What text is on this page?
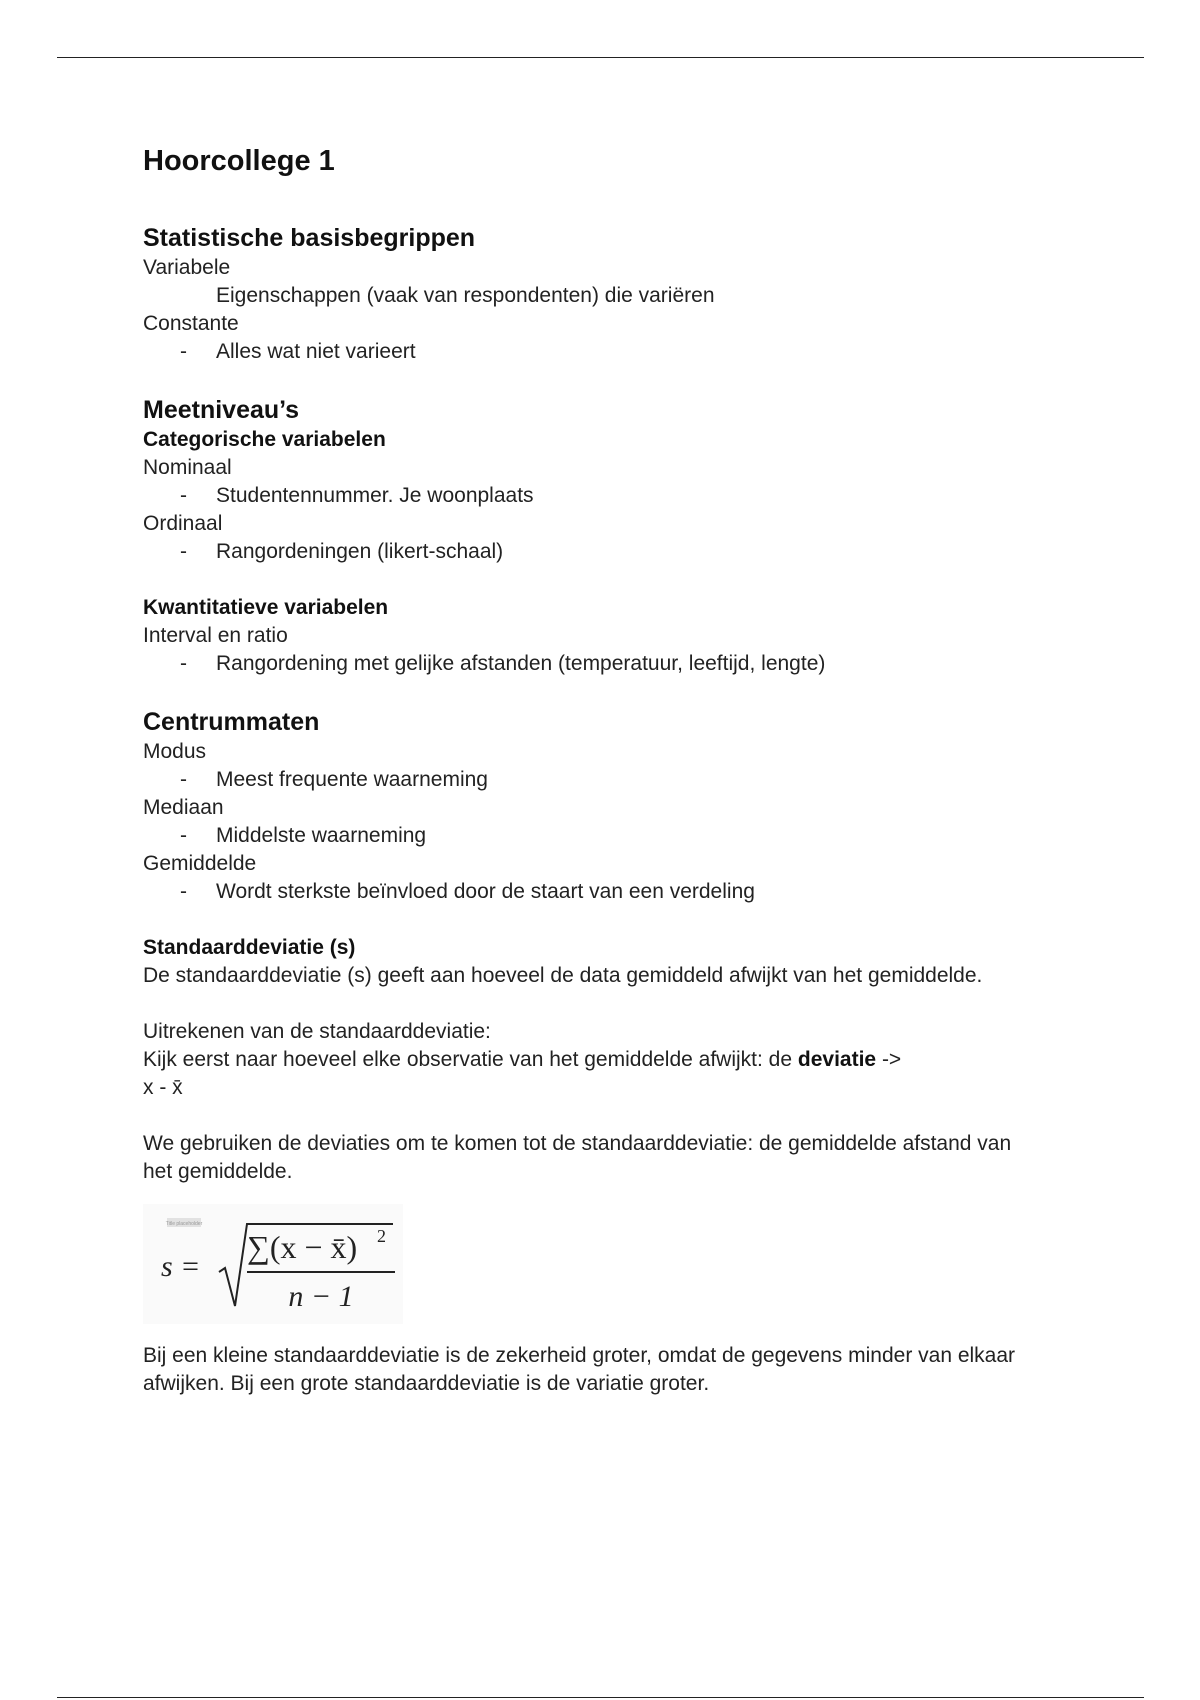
Hoorcollege 1
Statistische basisbegrippen
Variabele
Eigenschappen (vaak van respondenten) die variëren
Constante
-	Alles wat niet varieert
Meetniveau’s
Categorische variabelen
Nominaal
-	Studentennummer. Je woonplaats
Ordinaal
-	Rangordeningen (likert-schaal)
Kwantitatieve variabelen
Interval en ratio
-	Rangordening met gelijke afstanden (temperatuur, leeftijd, lengte)
Centrummaten
Modus
-	Meest frequente waarneming
Mediaan
-	Middelste waarneming
Gemiddelde
-	Wordt sterkste beïnvloed door de staart van een verdeling
Standaarddeviatie (s)
De standaarddeviatie (s) geeft aan hoeveel de data gemiddeld afwijkt van het gemiddelde.
Uitrekenen van de standaarddeviatie:
Kijk eerst naar hoeveel elke observatie van het gemiddelde afwijkt: de deviatie ->
x - x̄
We gebruiken de deviaties om te komen tot de standaarddeviatie: de gemiddelde afstand van het gemiddelde.
Title placeholder
s =
∑(x − x̄) 2
n − 1
Bij een kleine standaarddeviatie is de zekerheid groter, omdat de gegevens minder van elkaar afwijken. Bij een grote standaarddeviatie is de variatie groter.
